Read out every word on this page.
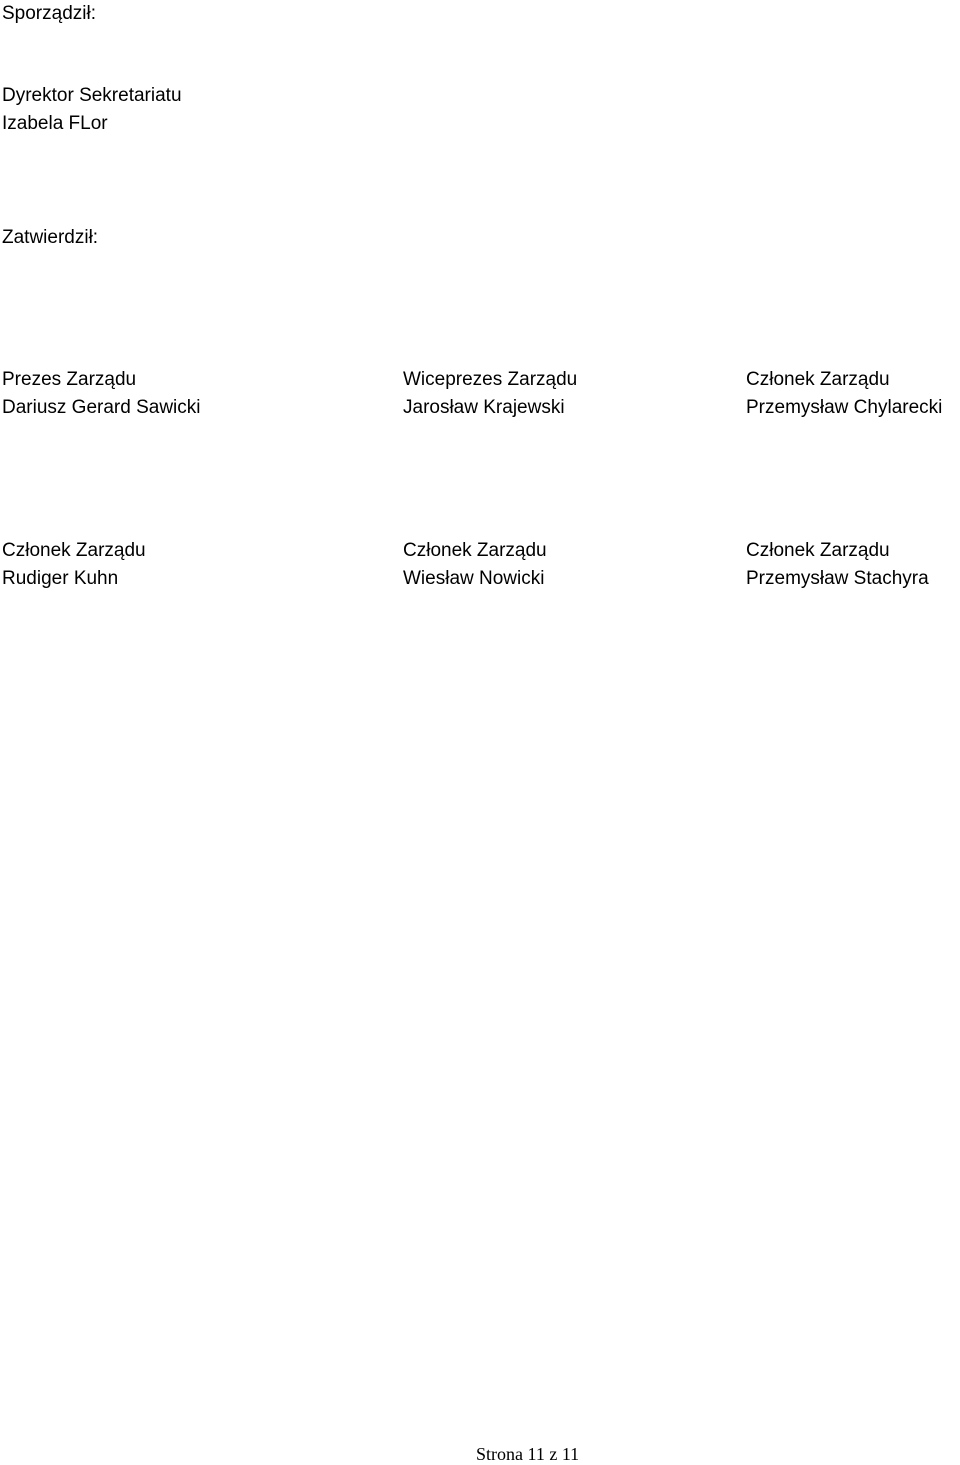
Sporządził:
Dyrektor Sekretariatu
Izabela FLor
Zatwierdził:
Prezes Zarządu
Dariusz Gerard Sawicki
Wiceprezes Zarządu
Jarosław Krajewski
Członek Zarządu
Przemysław Chylarecki
Członek Zarządu
Rudiger Kuhn
Członek Zarządu
Wiesław Nowicki
Członek Zarządu
Przemysław Stachyra
Strona 11 z 11
